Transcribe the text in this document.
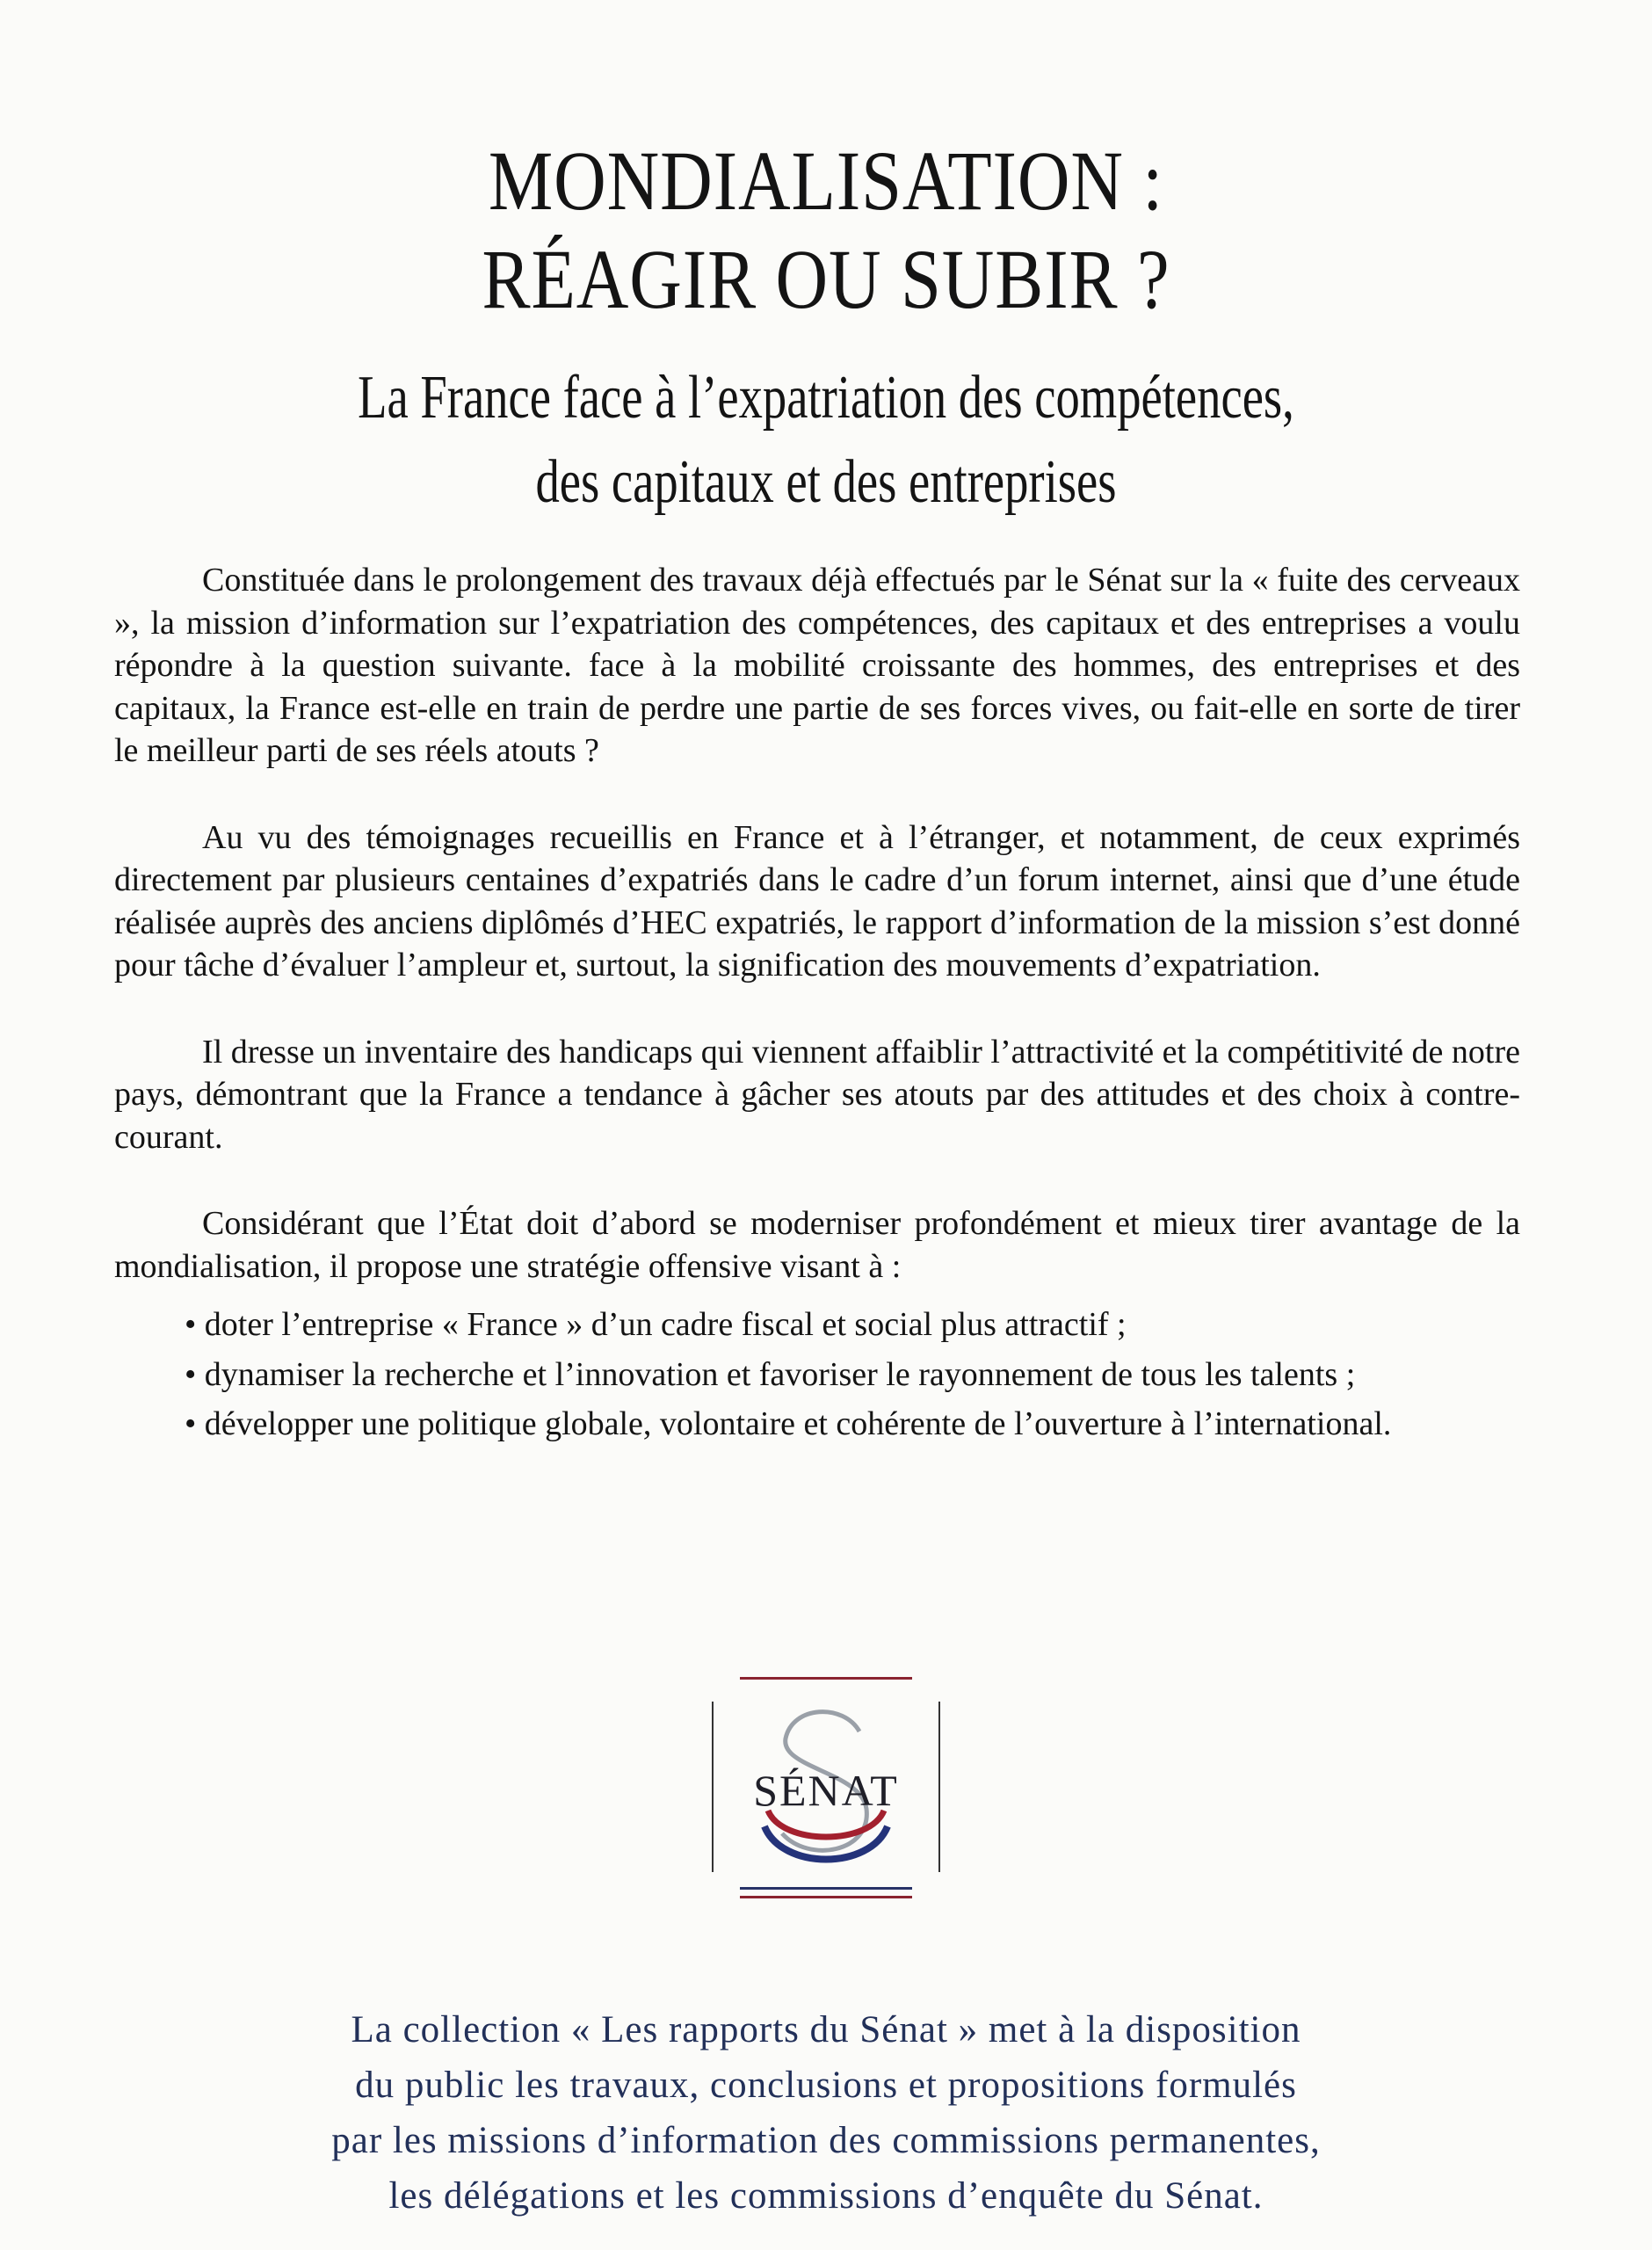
MONDIALISATION :
RÉAGIR OU SUBIR ?
La France face à l’expatriation des compétences,
des capitaux et des entreprises

Constituée dans le prolongement des travaux déjà effectués par le Sénat sur la « fuite des cerveaux », la mission d’information sur l’expatriation des compétences, des capitaux et des entreprises a voulu répondre à la question suivante. face à la mobilité croissante des hommes, des entreprises et des capitaux, la France est-elle en train de perdre une partie de ses forces vives, ou fait-elle en sorte de tirer le meilleur parti de ses réels atouts ?

Au vu des témoignages recueillis en France et à l’étranger, et notamment, de ceux exprimés directement par plusieurs centaines d’expatriés dans le cadre d’un forum internet, ainsi que d’une étude réalisée auprès des anciens diplômés d’HEC expatriés, le rapport d’information de la mission s’est donné pour tâche d’évaluer l’ampleur et, surtout, la signification des mouvements d’expatriation.

Il dresse un inventaire des handicaps qui viennent affaiblir l’attractivité et la compétitivité de notre pays, démontrant que la France a tendance à gâcher ses atouts par des attitudes et des choix à contre-courant.

Considérant que l’État doit d’abord se moderniser profondément et mieux tirer avantage de la mondialisation, il propose une stratégie offensive visant à :

• doter l’entreprise « France » d’un cadre fiscal et social plus attractif ;
• dynamiser la recherche et l’innovation et favoriser le rayonnement de tous les talents ;
• développer une politique globale, volontaire et cohérente de l’ouverture à l’international.
SÉNAT
La collection « Les rapports du Sénat » met à la disposition
du public les travaux, conclusions et propositions formulés
par les missions d’information des commissions permanentes,
les délégations et les commissions d’enquête du Sénat.
